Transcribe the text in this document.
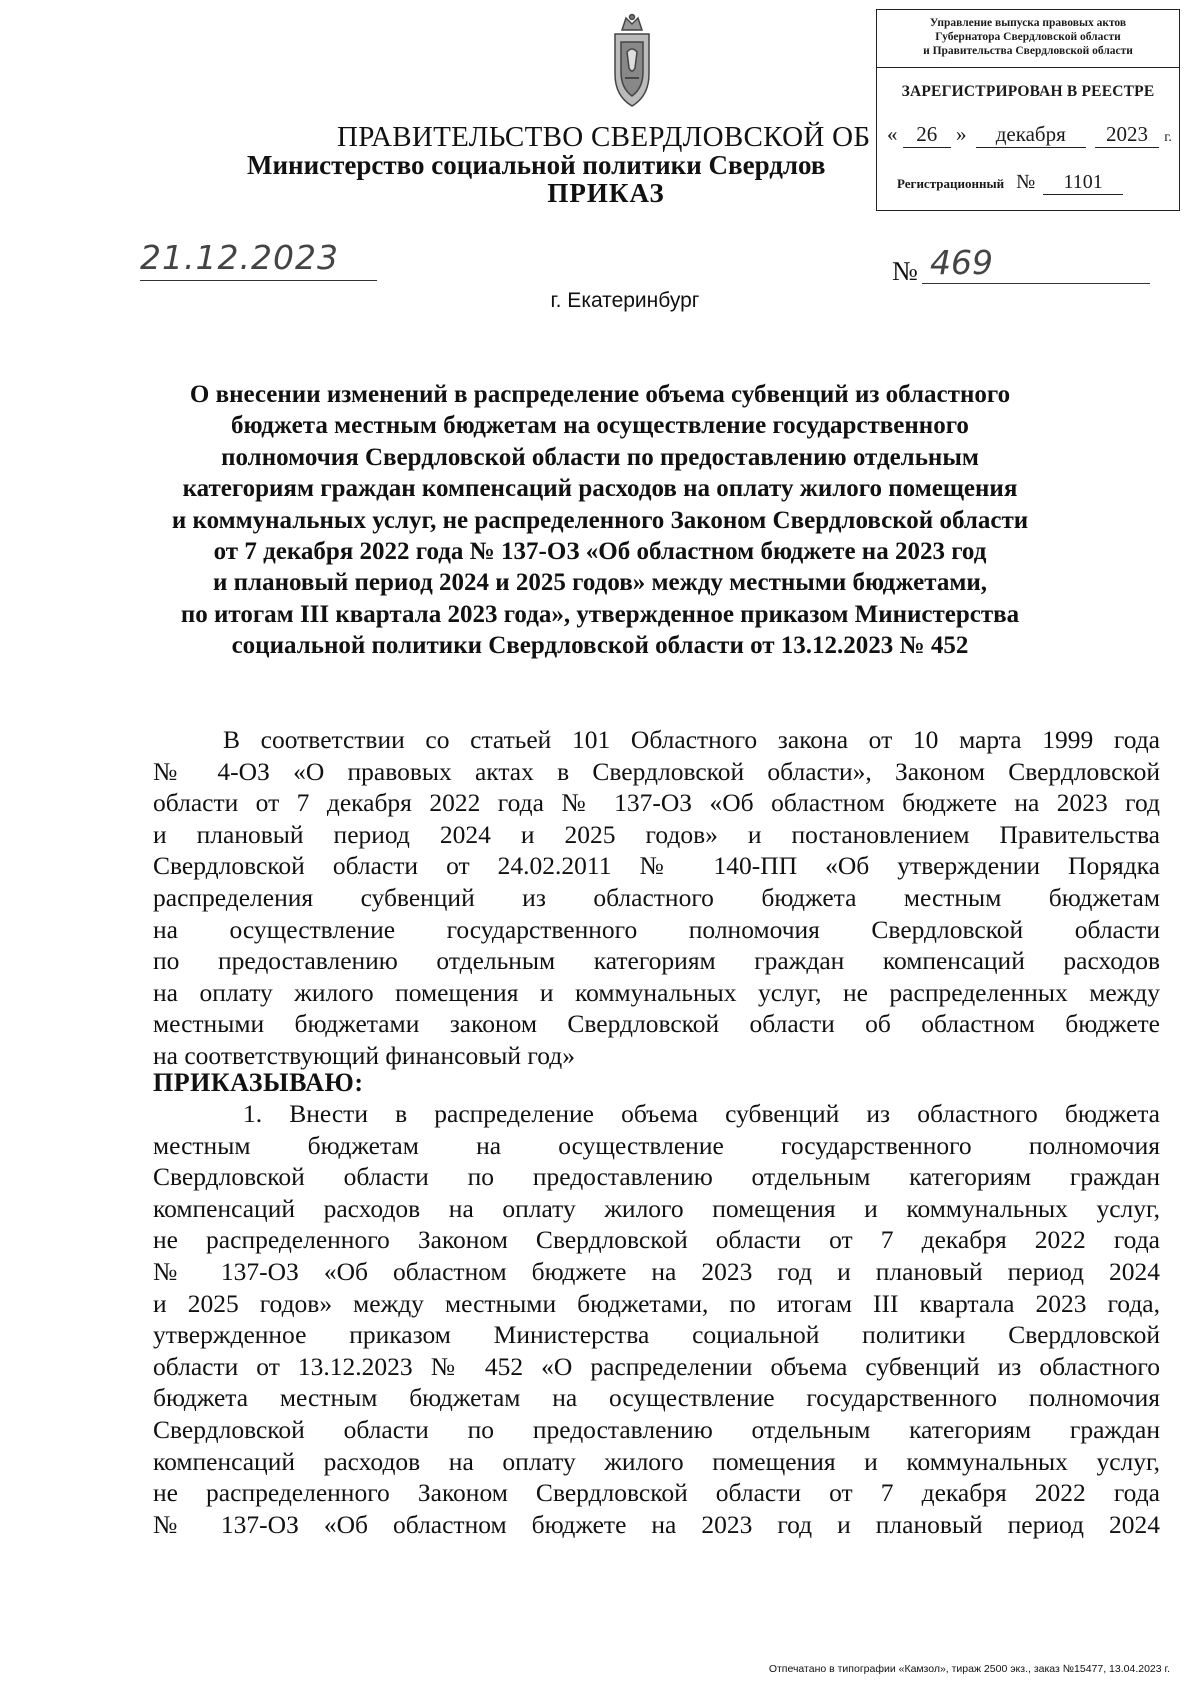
Управление выпуска правовых актов
Губернатора Свердловской области
и Правительства Свердловской области
ЗАРЕГИСТРИРОВАН В РЕЕСТРЕ
« 26 » декабря 2023 г.
Регистрационный № 1101
ПРАВИТЕЛЬСТВО СВЕРДЛОВСКОЙ ОБ
Министерство социальной политики Свердлов
ПРИКАЗ
21.12.2023	№ 469
г. Екатеринбург
О внесении изменений в распределение объема субвенций из областного
бюджета местным бюджетам на осуществление государственного
полномочия Свердловской области по предоставлению отдельным
категориям граждан компенсаций расходов на оплату жилого помещения
и коммунальных услуг, не распределенного Законом Свердловской области
от 7 декабря 2022 года № 137-ОЗ «Об областном бюджете на 2023 год
и плановый период 2024 и 2025 годов» между местными бюджетами,
по итогам III квартала 2023 года», утвержденное приказом Министерства
социальной политики Свердловской области от 13.12.2023 № 452

В соответствии со статьей 101 Областного закона от 10 марта 1999 года
№ 4-ОЗ «О правовых актах в Свердловской области», Законом Свердловской
области от 7 декабря 2022 года № 137-ОЗ «Об областном бюджете на 2023 год
и плановый период 2024 и 2025 годов» и постановлением Правительства
Свердловской области от 24.02.2011 № 140-ПП «Об утверждении Порядка
распределения субвенций из областного бюджета местным бюджетам
на осуществление государственного полномочия Свердловской области
по предоставлению отдельным категориям граждан компенсаций расходов
на оплату жилого помещения и коммунальных услуг, не распределенных между
местными бюджетами законом Свердловской области об областном бюджете
на соответствующий финансовый год»

ПРИКАЗЫВАЮ:

1. Внести в распределение объема субвенций из областного бюджета
местным бюджетам на осуществление государственного полномочия
Свердловской области по предоставлению отдельным категориям граждан
компенсаций расходов на оплату жилого помещения и коммунальных услуг,
не распределенного Законом Свердловской области от 7 декабря 2022 года
№ 137-ОЗ «Об областном бюджете на 2023 год и плановый период 2024
и 2025 годов» между местными бюджетами, по итогам III квартала 2023 года,
утвержденное приказом Министерства социальной политики Свердловской
области от 13.12.2023 № 452 «О распределении объема субвенций из областного
бюджета местным бюджетам на осуществление государственного полномочия
Свердловской области по предоставлению отдельным категориям граждан
компенсаций расходов на оплату жилого помещения и коммунальных услуг,
не распределенного Законом Свердловской области от 7 декабря 2022 года
№ 137-ОЗ «Об областном бюджете на 2023 год и плановый период 2024

Отпечатано в типографии «Камзол», тираж 2500 экз., заказ №15477, 13.04.2023 г.
